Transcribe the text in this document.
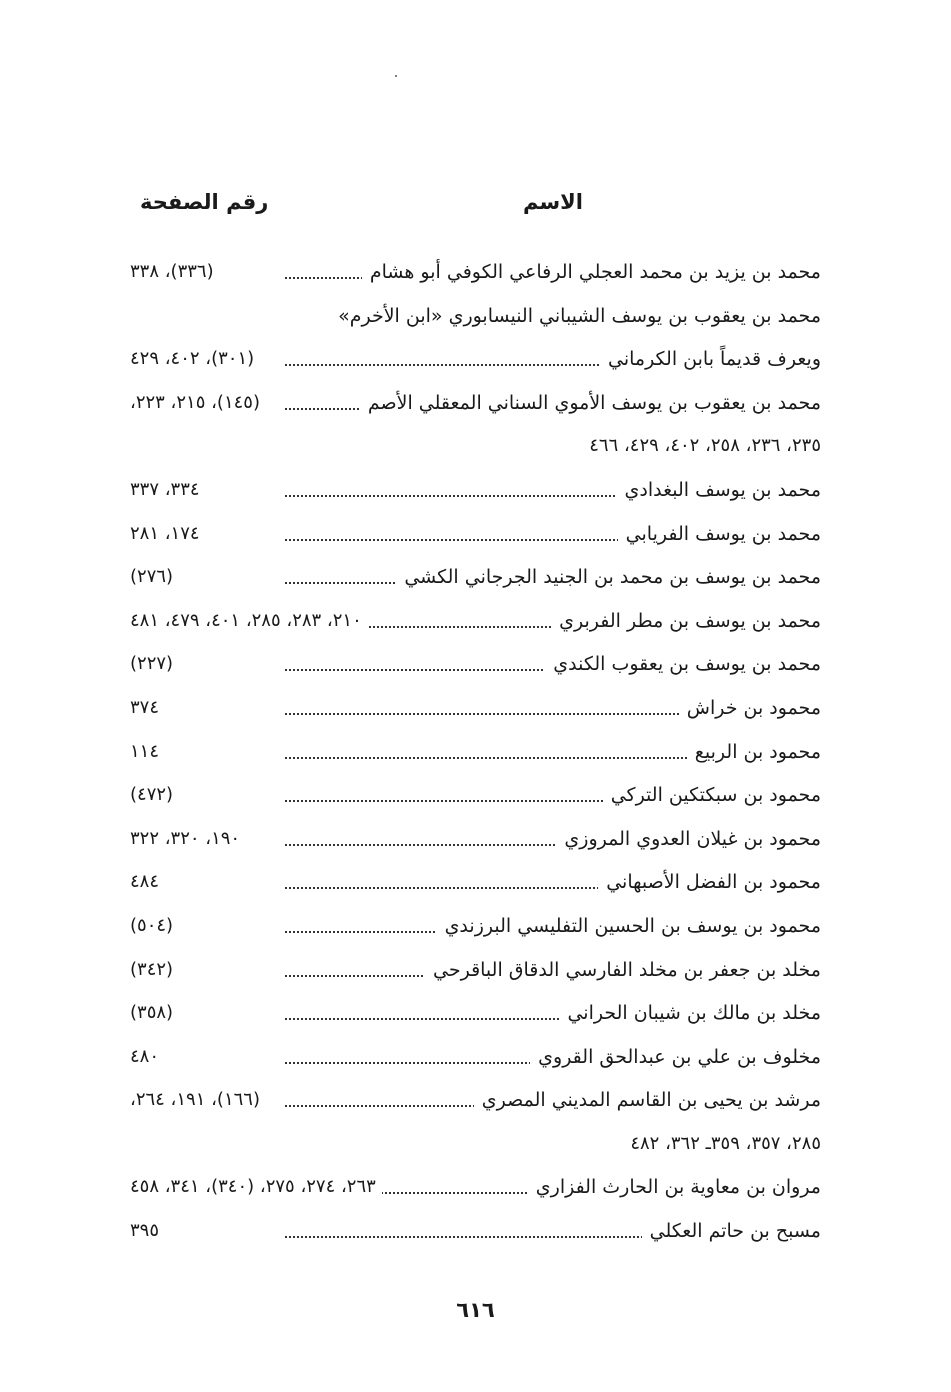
الاسم
رقم الصفحة
محمد بن يزيد بن محمد العجلي الرفاعي الكوفي أبو هشام
(٣٣٦)، ٣٣٨
محمد بن يعقوب بن يوسف الشيباني النيسابوري «ابن الأخرم»
ويعرف قديماً بابن الكرماني
(٣٠١)، ٤٠٢، ٤٢٩
محمد بن يعقوب بن يوسف الأموي السناني المعقلي الأصم
(١٤٥)، ٢١٥، ٢٢٣،
٢٣٥، ٢٣٦، ٢٥٨، ٤٠٢، ٤٢٩، ٤٦٦
محمد بن يوسف البغدادي
٣٣٤، ٣٣٧
محمد بن يوسف الفريابي
١٧٤، ٢٨١
محمد بن يوسف بن محمد بن الجنيد الجرجاني الكشي
(٢٧٦)
محمد بن يوسف بن مطر الفربري
٢١٠، ٢٨٣، ٢٨٥، ٤٠١، ٤٧٩، ٤٨١
محمد بن يوسف بن يعقوب الكندي
(٢٢٧)
محمود بن خراش
٣٧٤
محمود بن الربيع
١١٤
محمود بن سبكتكين التركي
(٤٧٢)
محمود بن غيلان العدوي المروزي
١٩٠، ٣٢٠، ٣٢٢
محمود بن الفضل الأصبهاني
٤٨٤
محمود بن يوسف بن الحسين التفليسي البرزندي
(٥٠٤)
مخلد بن جعفر بن مخلد الفارسي الدقاق الباقرحي
(٣٤٢)
مخلد بن مالك بن شيبان الحراني
(٣٥٨)
مخلوف بن علي بن عبدالحق القروي
٤٨٠
مرشد بن يحيى بن القاسم المديني المصري
(١٦٦)، ١٩١، ٢٦٤،
٢٨٥، ٣٥٧، ٣٥٩ـ ٣٦٢، ٤٨٢
مروان بن معاوية بن الحارث الفزاري
٢٦٣، ٢٧٤، ٢٧٥، (٣٤٠)، ٣٤١، ٤٥٨
مسبح بن حاتم العكلي
٣٩٥
٦١٦
